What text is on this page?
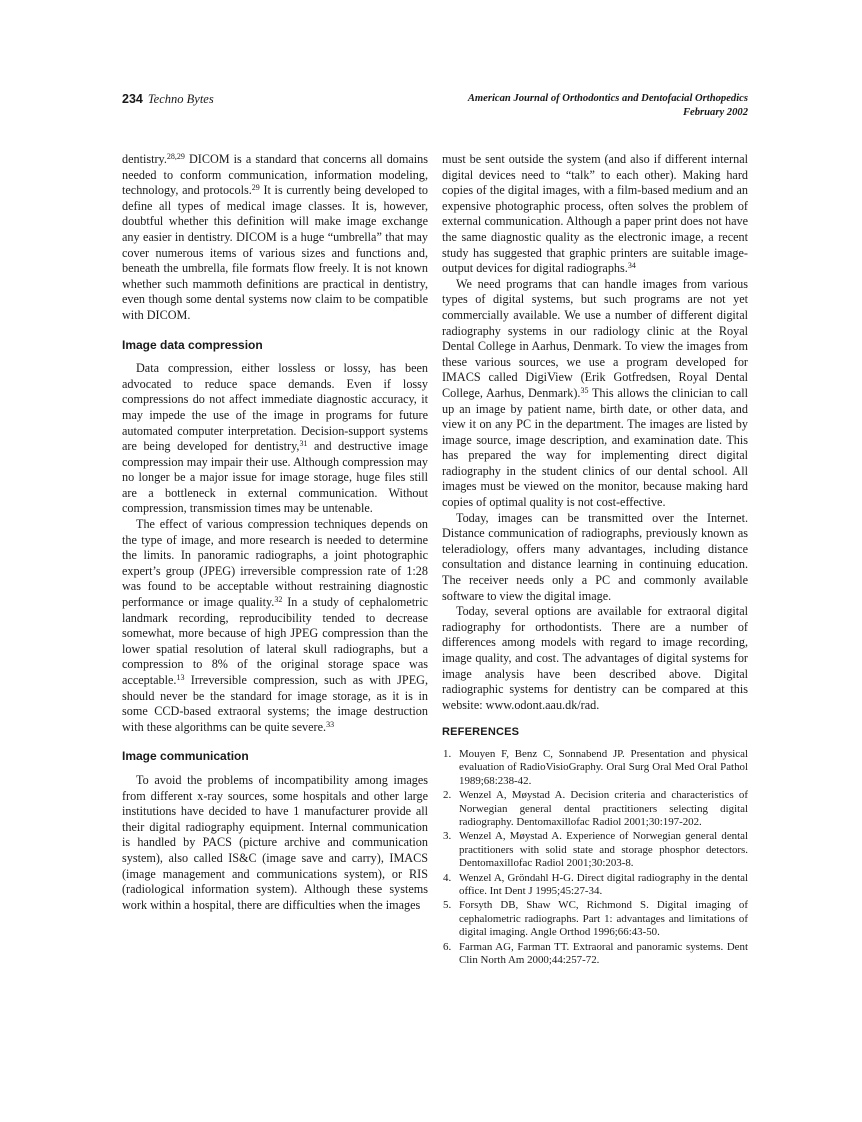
234 Techno Bytes	American Journal of Orthodontics and Dentofacial Orthopedics
February 2002

dentistry.$^{28,29}$ DICOM is a standard that concerns all domains needed to conform communication, information modeling, technology, and protocols.$^{29}$ It is currently being developed to define all types of medical image classes. It is, however, doubtful whether this definition will make image exchange any easier in dentistry. DICOM is a huge “umbrella” that may cover numerous items of various sizes and functions and, beneath the umbrella, file formats flow freely. It is not known whether such mammoth definitions are practical in dentistry, even though some dental systems now claim to be compatible with DICOM.

Image data compression

Data compression, either lossless or lossy, has been advocated to reduce space demands. Even if lossy compressions do not affect immediate diagnostic accuracy, it may impede the use of the image in programs for future automated computer interpretation. Decision-support systems are being developed for dentistry,$^{31}$ and destructive image compression may impair their use. Although compression may no longer be a major issue for image storage, huge files still are a bottleneck in external communication. Without compression, transmission times may be untenable.

The effect of various compression techniques depends on the type of image, and more research is needed to determine the limits. In panoramic radiographs, a joint photographic expert’s group (JPEG) irreversible compression rate of 1:28 was found to be acceptable without restraining diagnostic performance or image quality.$^{32}$ In a study of cephalometric landmark recording, reproducibility tended to decrease somewhat, more because of high JPEG compression than the lower spatial resolution of lateral skull radiographs, but a compression to 8% of the original storage space was acceptable.$^{13}$ Irreversible compression, such as with JPEG, should never be the standard for image storage, as it is in some CCD-based extraoral systems; the image destruction with these algorithms can be quite severe.$^{33}$

Image communication

To avoid the problems of incompatibility among images from different x-ray sources, some hospitals and other large institutions have decided to have 1 manufacturer provide all their digital radiography equipment. Internal communication is handled by PACS (picture archive and communication system), also called IS&C (image save and carry), IMACS (image management and communications system), or RIS (radiological information system). Although these systems work within a hospital, there are difficulties when the images

must be sent outside the system (and also if different internal digital devices need to “talk” to each other). Making hard copies of the digital images, with a film-based medium and an expensive photographic process, often solves the problem of external communication. Although a paper print does not have the same diagnostic quality as the electronic image, a recent study has suggested that graphic printers are suitable image-output devices for digital radiographs.$^{34}$

We need programs that can handle images from various types of digital systems, but such programs are not yet commercially available. We use a number of different digital radiography systems in our radiology clinic at the Royal Dental College in Aarhus, Denmark. To view the images from these various sources, we use a program developed for IMACS called DigiView (Erik Gotfredsen, Royal Dental College, Aarhus, Denmark).$^{35}$ This allows the clinician to call up an image by patient name, birth date, or other data, and view it on any PC in the department. The images are listed by image source, image description, and examination date. This has prepared the way for implementing direct digital radiography in the student clinics of our dental school. All images must be viewed on the monitor, because making hard copies of optimal quality is not cost-effective.

Today, images can be transmitted over the Internet. Distance communication of radiographs, previously known as teleradiology, offers many advantages, including distance consultation and distance learning in continuing education. The receiver needs only a PC and commonly available software to view the digital image.

Today, several options are available for extraoral digital radiography for orthodontists. There are a number of differences among models with regard to image recording, image quality, and cost. The advantages of digital systems for image analysis have been described above. Digital radiographic systems for dentistry can be compared at this website: www.odont.aau.dk/rad.

REFERENCES
Mouyen F, Benz C, Sonnabend JP. Presentation and physical evaluation of RadioVisioGraphy. Oral Surg Oral Med Oral Pathol 1989;68:238-42.
Wenzel A, Møystad A. Decision criteria and characteristics of Norwegian general dental practitioners selecting digital radiography. Dentomaxillofac Radiol 2001;30:197-202.
Wenzel A, Møystad A. Experience of Norwegian general dental practitioners with solid state and storage phosphor detectors. Dentomaxillofac Radiol 2001;30:203-8.
Wenzel A, Gröndahl H-G. Direct digital radiography in the dental office. Int Dent J 1995;45:27-34.
Forsyth DB, Shaw WC, Richmond S. Digital imaging of cephalometric radiographs. Part 1: advantages and limitations of digital imaging. Angle Orthod 1996;66:43-50.
Farman AG, Farman TT. Extraoral and panoramic systems. Dent Clin North Am 2000;44:257-72.
